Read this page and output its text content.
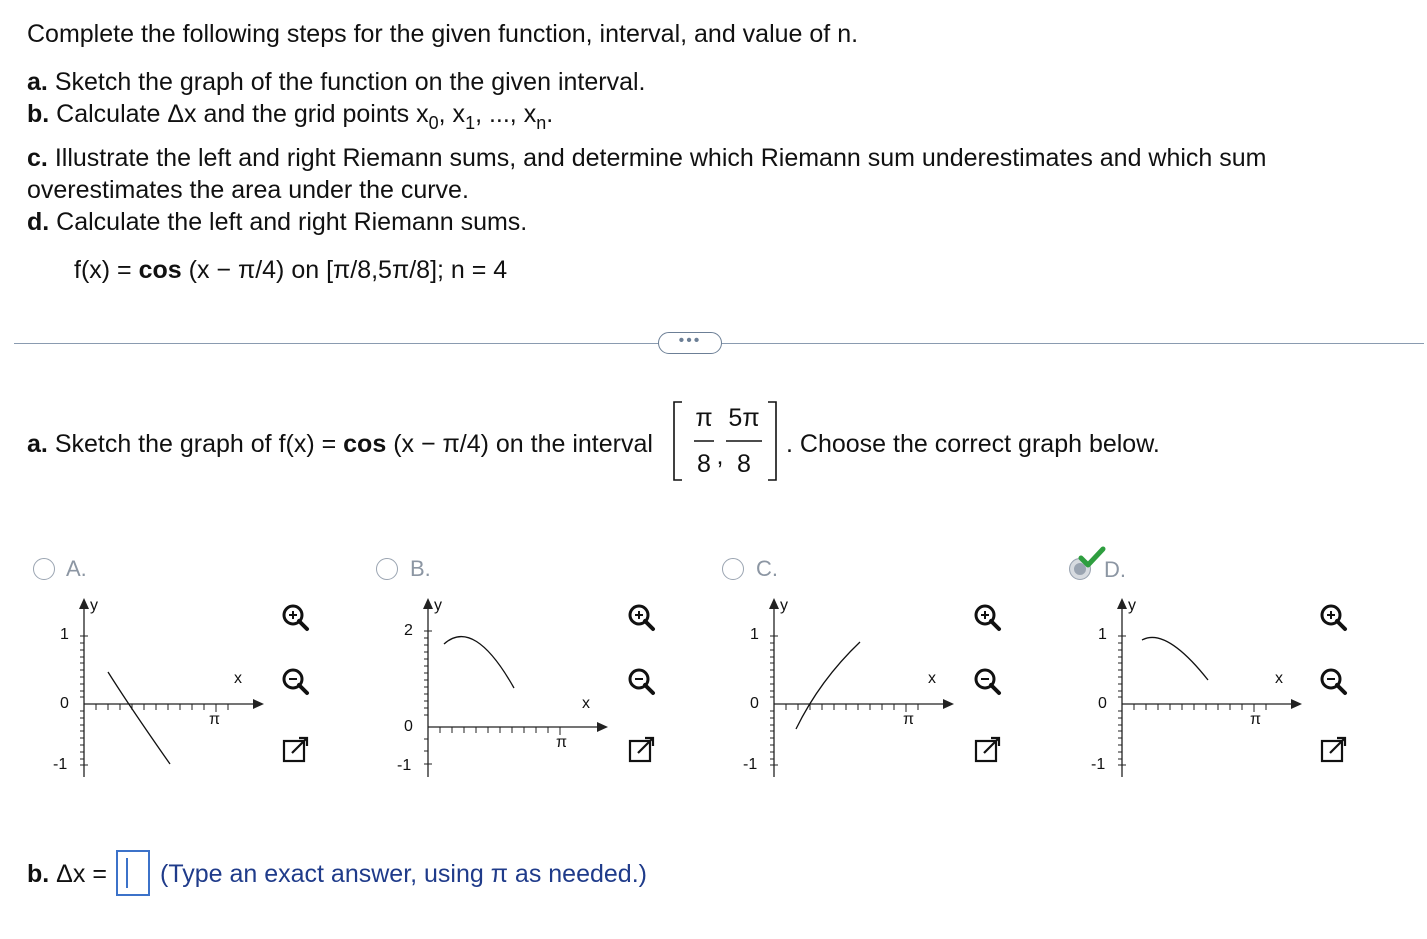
Complete the following steps for the given function, interval, and value of n.
a. Sketch the graph of the function on the given interval.
b. Calculate Δx and the grid points $x_0$, $x_1$, ..., $x_n$.
c. Illustrate the left and right Riemann sums, and determine which Riemann sum underestimates and which sum
overestimates the area under the curve.
d. Calculate the left and right Riemann sums.
f(x) = cos (x − π/4) on [π/8,5π/8]; n = 4
•••
a. Sketch the graph of f(x) = cos (x − π/4) on the interval
π
8 ,
5π
8
. Choose the correct graph below.
A.
y
1
0
-1
x
π
B.
y
2
0
-1
x
π
C.
y
1
0
-1
x
π
D.
y
1
0
-1
x
π
b. Δx = (Type an exact answer, using π as needed.)
